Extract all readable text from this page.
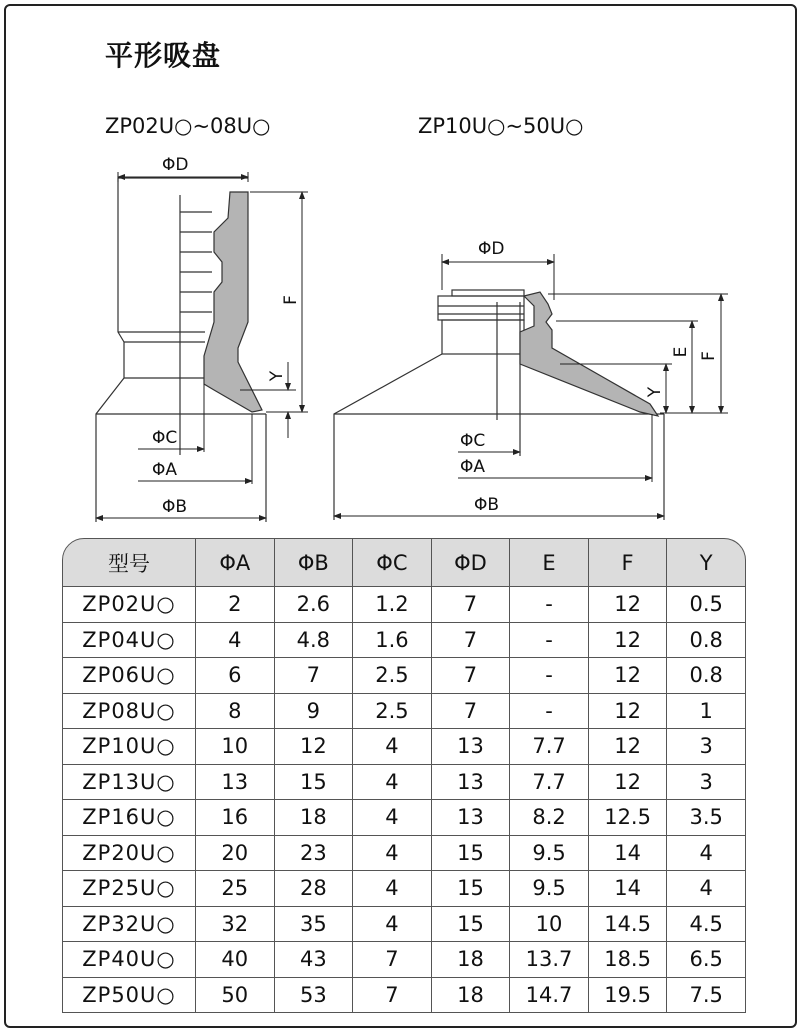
平形吸盘
ZP02U○~08U○	ZP10U○~50U○
ΦD
F
Y
ΦC
ΦA
ΦB
ΦD
F
E
Y
ΦC
ΦA
ΦB
型号	ΦA	ΦB	ΦC	ΦD	E	F	Y
ZP02U○	2	2.6	1.2	7	-	12	0.5
ZP04U○	4	4.8	1.6	7	-	12	0.8
ZP06U○	6	7	2.5	7	-	12	0.8
ZP08U○	8	9	2.5	7	-	12	1
ZP10U○	10	12	4	13	7.7	12	3
ZP13U○	13	15	4	13	7.7	12	3
ZP16U○	16	18	4	13	8.2	12.5	3.5
ZP20U○	20	23	4	15	9.5	14	4
ZP25U○	25	28	4	15	9.5	14	4
ZP32U○	32	35	4	15	10	14.5	4.5
ZP40U○	40	43	7	18	13.7	18.5	6.5
ZP50U○	50	53	7	18	14.7	19.5	7.5
